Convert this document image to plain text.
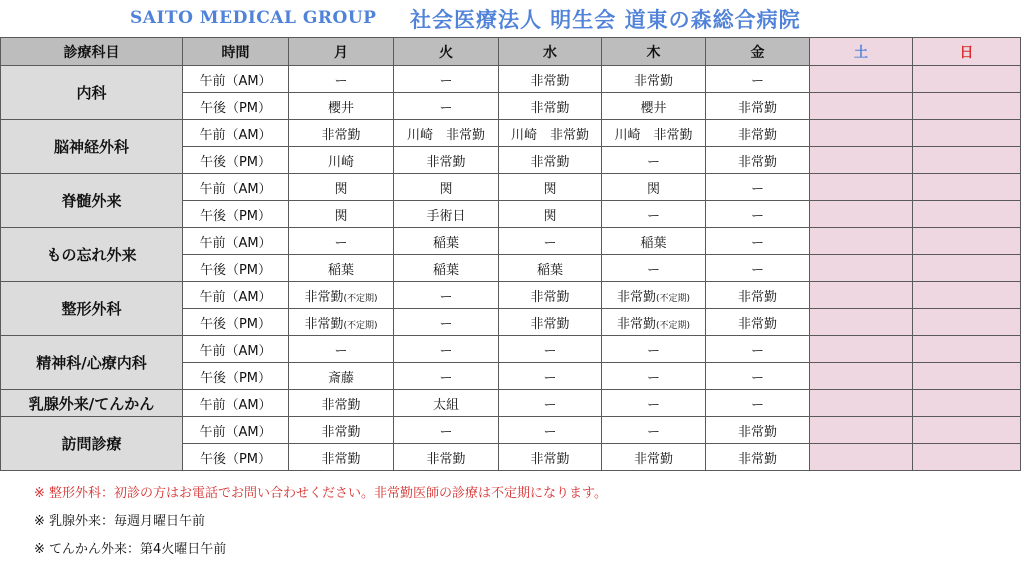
SAITO MEDICAL GROUP 社会医療法人 明生会 道東の森総合病院
診療科目	時間	月	火	水	木	金	土	日
内科	午前（AM）	ー	ー	非常勤	非常勤	ー		
	午後（PM）	櫻井	ー	非常勤	櫻井	非常勤		
脳神経外科	午前（AM）	非常勤	川崎　非常勤	川崎　非常勤	川崎　非常勤	非常勤		
	午後（PM）	川崎	非常勤	非常勤	ー	非常勤		
脊髄外来	午前（AM）	関	関	関	関	ー		
	午後（PM）	関	手術日	関	ー	ー		
もの忘れ外来	午前（AM）	ー	稲葉	ー	稲葉	ー		
	午後（PM）	稲葉	稲葉	稲葉	ー	ー		
整形外科	午前（AM）	非常勤(不定期)	ー	非常勤	非常勤(不定期)	非常勤		
	午後（PM）	非常勤(不定期)	ー	非常勤	非常勤(不定期)	非常勤		
精神科/心療内科	午前（AM）	ー	ー	ー	ー	ー		
	午後（PM）	斎藤	ー	ー	ー	ー		
乳腺外来/てんかん	午前（AM）	非常勤	太組	ー	ー	ー		
訪問診療	午前（AM）	非常勤	ー	ー	ー	非常勤		
	午後（PM）	非常勤	非常勤	非常勤	非常勤	非常勤		
※ 整形外科：初診の方はお電話でお問い合わせください。非常勤医師の診療は不定期になります。
※ 乳腺外来：毎週月曜日午前
※ てんかん外来：第4火曜日午前
